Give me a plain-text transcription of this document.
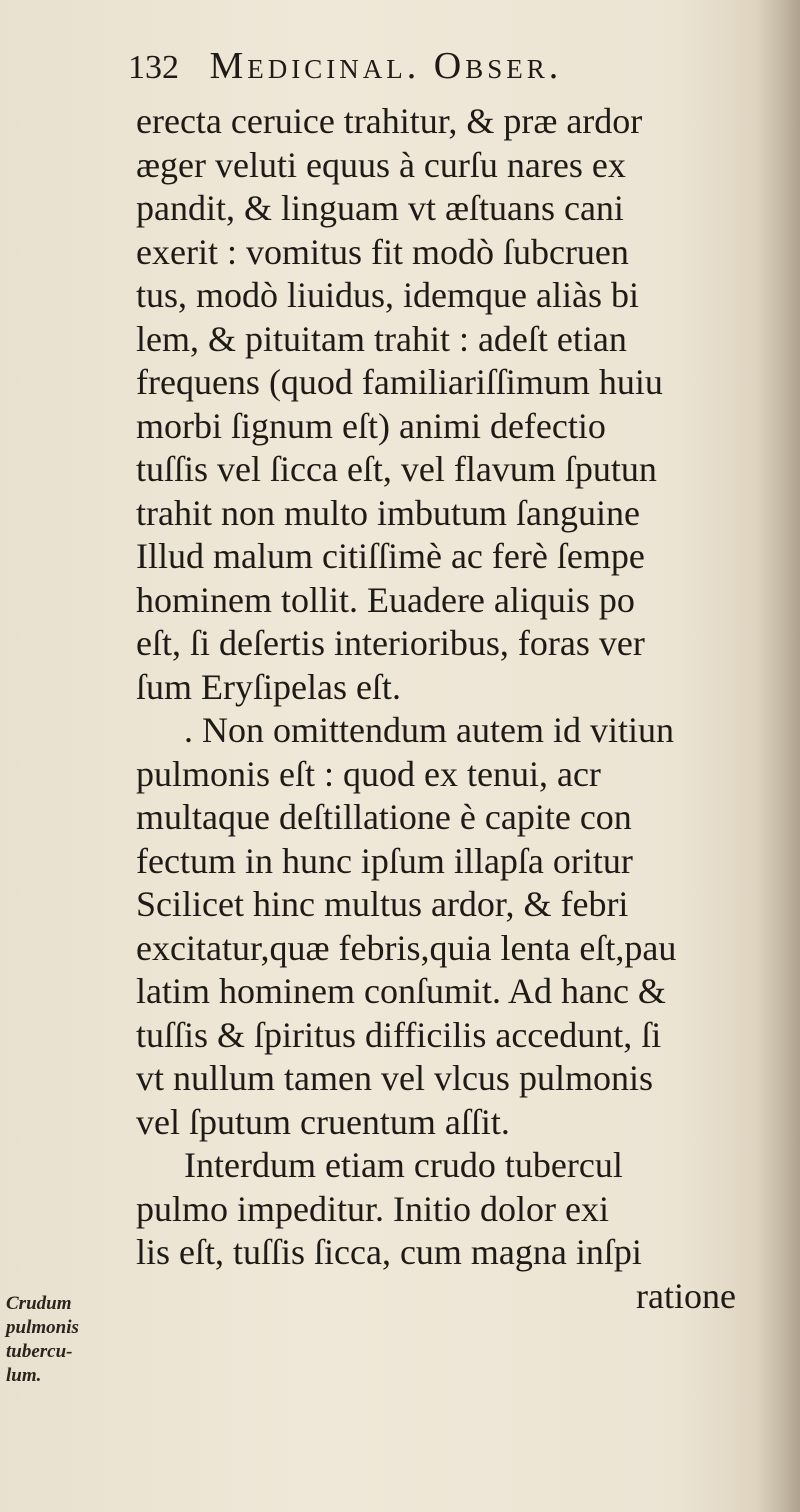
132 Medicinal. Obser.
erecta ceruice trahitur, & præ ardor
æger veluti equus à curſu nares ex
pandit, & linguam vt æſtuans cani
exerit : vomitus fit modò ſubcruen
tus, modò liuidus, idemque aliàs bi
lem, & pituitam trahit : adeſt etian
frequens (quod familiariſſimum huiu
morbi ſignum eſt) animi defectio
tuſſis vel ſicca eſt, vel flavum ſputun
trahit non multo imbutum ſanguine
Illud malum citiſſimè ac ferè ſempe
hominem tollit. Euadere aliquis po
eſt, ſi deſertis interioribus, foras ver
ſum Eryſipelas eſt.
. Non omittendum autem id vitiun
pulmonis eſt : quod ex tenui, acr
multaque deſtillatione è capite con
fectum in hunc ipſum illapſa oritur
Scilicet hinc multus ardor, & febri
excitatur,quæ febris,quia lenta eſt,pau
latim hominem conſumit. Ad hanc &
tuſſis & ſpiritus difficilis accedunt, ſi
vt nullum tamen vel vlcus pulmonis
vel ſputum cruentum aſſit.
Interdum etiam crudo tubercul
pulmo impeditur. Initio dolor exi
lis eſt, tuſſis ſicca, cum magna inſpi
ratione
Crudum
pulmonis
tubercu-
lum.
